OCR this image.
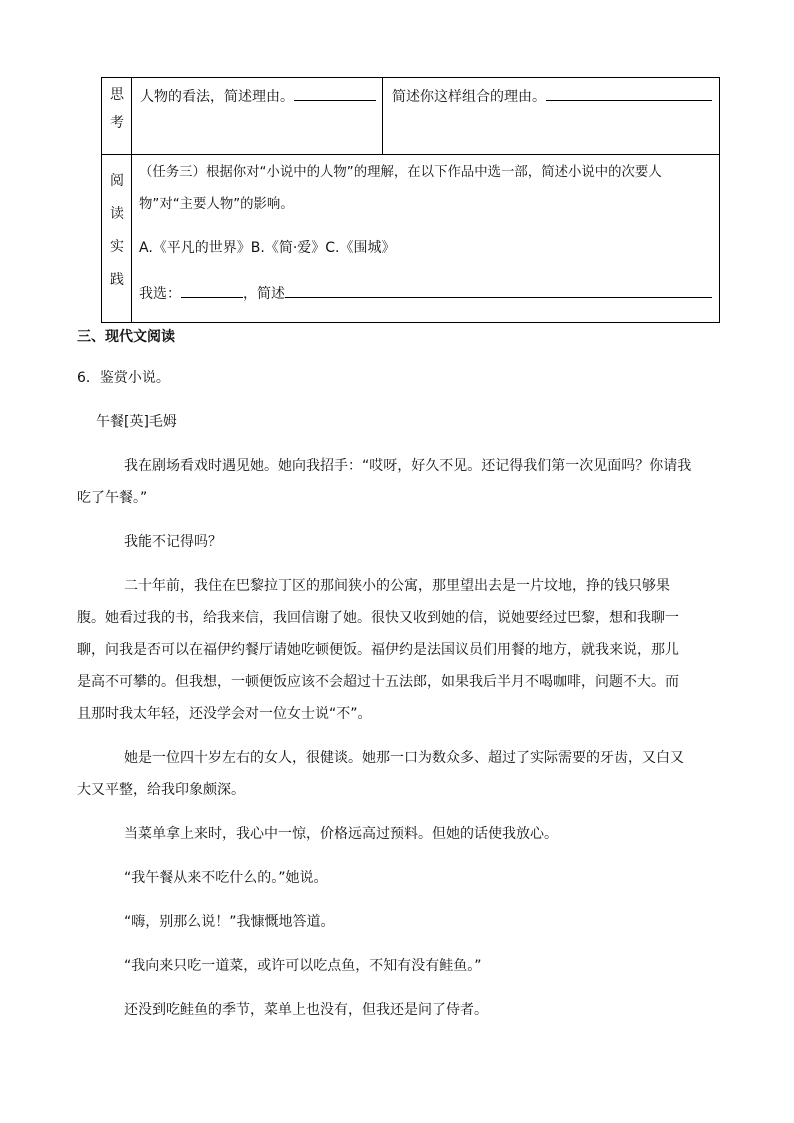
思
考
人物的看法，简述理由。	简述你这样组合的理由。
阅
读
实
践
（任务三）根据你对“小说中的人物”的理解，在以下作品中选一部，简述小说中的次要人
物”对“主要人物”的影响。
A.《平凡的世界》B.《简·爱》C.《围城》
我选：	，简述
三、现代文阅读
6．鉴赏小说。
午餐[英]毛姆
我在剧场看戏时遇见她。她向我招手：“哎呀，好久不见。还记得我们第一次见面吗？你请我
吃了午餐。”
我能不记得吗？
二十年前，我住在巴黎拉丁区的那间狭小的公寓，那里望出去是一片坟地，挣的钱只够果
腹。她看过我的书，给我来信，我回信谢了她。很快又收到她的信，说她要经过巴黎，想和我聊一
聊，问我是否可以在福伊约餐厅请她吃顿便饭。福伊约是法国议员们用餐的地方，就我来说，那儿
是高不可攀的。但我想，一顿便饭应该不会超过十五法郎，如果我后半月不喝咖啡，问题不大。而
且那时我太年轻，还没学会对一位女士说“不”。
她是一位四十岁左右的女人，很健谈。她那一口为数众多、超过了实际需要的牙齿，又白又
大又平整，给我印象颇深。
当菜单拿上来时，我心中一惊，价格远高过预料。但她的话使我放心。
“我午餐从来不吃什么的。”她说。
“嗨，别那么说！”我慷慨地答道。
“我向来只吃一道菜，或许可以吃点鱼，不知有没有鲑鱼。”
还没到吃鲑鱼的季节，菜单上也没有，但我还是问了侍者。
